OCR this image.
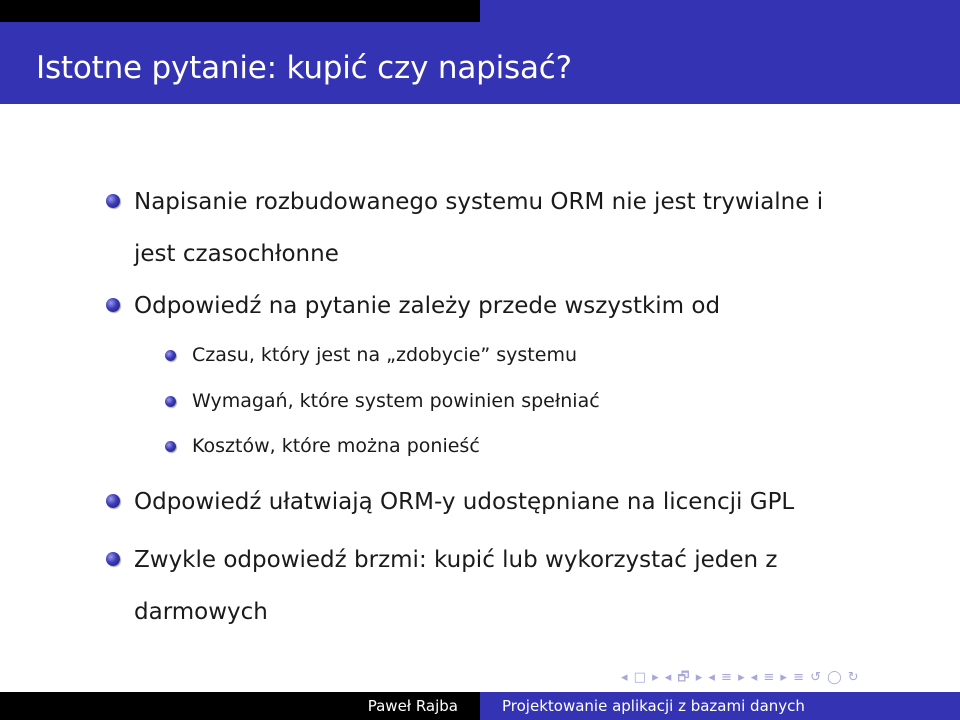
Istotne pytanie: kupić czy napisać?
Napisanie rozbudowanego systemu ORM nie jest trywialne i
jest czasochłonne
Odpowiedź na pytanie zależy przede wszystkim od
Czasu, który jest na „zdobycie” systemu
Wymagań, które system powinien spełniać
Kosztów, które można ponieść
Odpowiedź ułatwiają ORM-y udostępniane na licencji GPL
Zwykle odpowiedź brzmi: kupić lub wykorzystać jeden z
darmowych
◂ □ ▸ ◂ 🗗 ▸ ◂ ≡ ▸ ◂ ≡ ▸ ≡ ↺ ◯ ↻
Paweł Rajba	Projektowanie aplikacji z bazami danych
